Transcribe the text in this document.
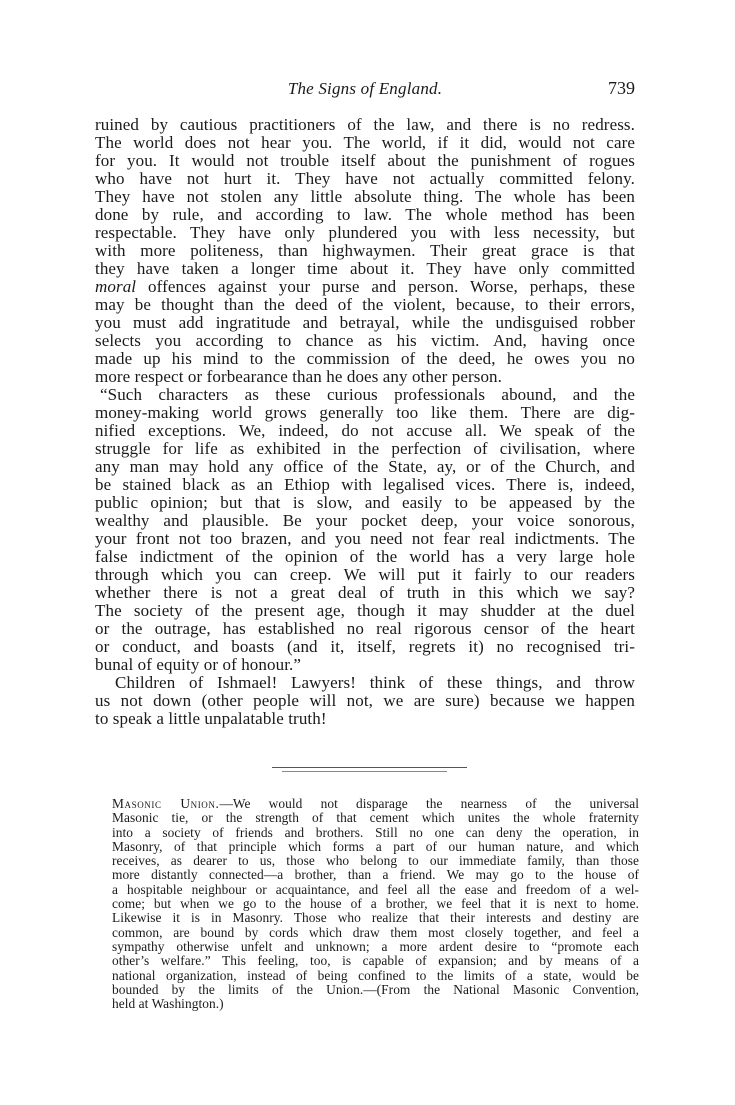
The Signs of England.	739
ruined by cautious practitioners of the law, and there is no redress.
The world does not hear you. The world, if it did, would not care
for you. It would not trouble itself about the punishment of rogues
who have not hurt it. They have not actually committed felony.
They have not stolen any little absolute thing. The whole has been
done by rule, and according to law. The whole method has been
respectable. They have only plundered you with less necessity, but
with more politeness, than highwaymen. Their great grace is that
they have taken a longer time about it. They have only committed
moral offences against your purse and person. Worse, perhaps, these
may be thought than the deed of the violent, because, to their errors,
you must add ingratitude and betrayal, while the undisguised robber
selects you according to chance as his victim. And, having once
made up his mind to the commission of the deed, he owes you no
more respect or forbearance than he does any other person.
“Such characters as these curious professionals abound, and the
money-making world grows generally too like them. There are dig-
nified exceptions. We, indeed, do not accuse all. We speak of the
struggle for life as exhibited in the perfection of civilisation, where
any man may hold any office of the State, ay, or of the Church, and
be stained black as an Ethiop with legalised vices. There is, indeed,
public opinion; but that is slow, and easily to be appeased by the
wealthy and plausible. Be your pocket deep, your voice sonorous,
your front not too brazen, and you need not fear real indictments. The
false indictment of the opinion of the world has a very large hole
through which you can creep. We will put it fairly to our readers
whether there is not a great deal of truth in this which we say?
The society of the present age, though it may shudder at the duel
or the outrage, has established no real rigorous censor of the heart
or conduct, and boasts (and it, itself, regrets it) no recognised tri-
bunal of equity or of honour.”
Children of Ishmael! Lawyers! think of these things, and throw
us not down (other people will not, we are sure) because we happen
to speak a little unpalatable truth!
Masonic Union.—We would not disparage the nearness of the universal
Masonic tie, or the strength of that cement which unites the whole fraternity
into a society of friends and brothers. Still no one can deny the operation, in
Masonry, of that principle which forms a part of our human nature, and which
receives, as dearer to us, those who belong to our immediate family, than those
more distantly connected—a brother, than a friend. We may go to the house of
a hospitable neighbour or acquaintance, and feel all the ease and freedom of a wel-
come; but when we go to the house of a brother, we feel that it is next to home.
Likewise it is in Masonry. Those who realize that their interests and destiny are
common, are bound by cords which draw them most closely together, and feel a
sympathy otherwise unfelt and unknown; a more ardent desire to “promote each
other’s welfare.” This feeling, too, is capable of expansion; and by means of a
national organization, instead of being confined to the limits of a state, would be
bounded by the limits of the Union.—(From the National Masonic Convention,
held at Washington.)
